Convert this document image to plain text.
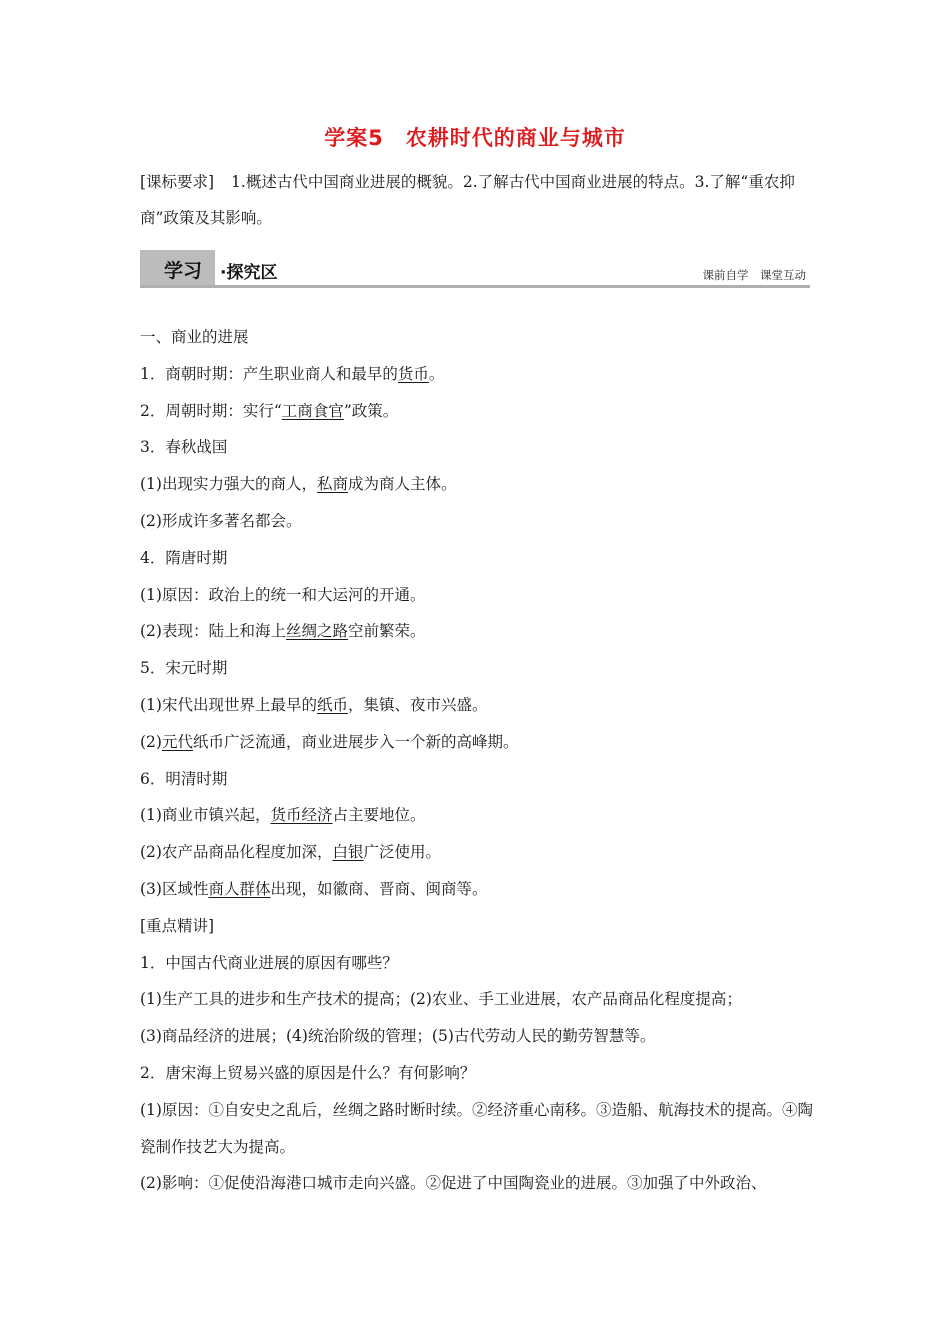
学案5　农耕时代的商业与城市
[课标要求] 1.概述古代中国商业进展的概貌。2.了解古代中国商业进展的特点。3.了解“重农抑商”政策及其影响。
学习 ·探究区	课前自学　课堂互动
一、商业的进展
1．商朝时期：产生职业商人和最早的货币。
2．周朝时期：实行“工商食官”政策。
3．春秋战国
(1)出现实力强大的商人，私商成为商人主体。
(2)形成许多著名都会。
4．隋唐时期
(1)原因：政治上的统一和大运河的开通。
(2)表现：陆上和海上丝绸之路空前繁荣。
5．宋元时期
(1)宋代出现世界上最早的纸币，集镇、夜市兴盛。
(2)元代纸币广泛流通，商业进展步入一个新的高峰期。
6．明清时期
(1)商业市镇兴起，货币经济占主要地位。
(2)农产品商品化程度加深，白银广泛使用。
(3)区域性商人群体出现，如徽商、晋商、闽商等。
[重点精讲]
1．中国古代商业进展的原因有哪些？
(1)生产工具的进步和生产技术的提高；(2)农业、手工业进展，农产品商品化程度提高；
(3)商品经济的进展；(4)统治阶级的管理；(5)古代劳动人民的勤劳智慧等。
2．唐宋海上贸易兴盛的原因是什么？有何影响？
(1)原因：①自安史之乱后，丝绸之路时断时续。②经济重心南移。③造船、航海技术的提高。④陶瓷制作技艺大为提高。
(2)影响：①促使沿海港口城市走向兴盛。②促进了中国陶瓷业的进展。③加强了中外政治、
